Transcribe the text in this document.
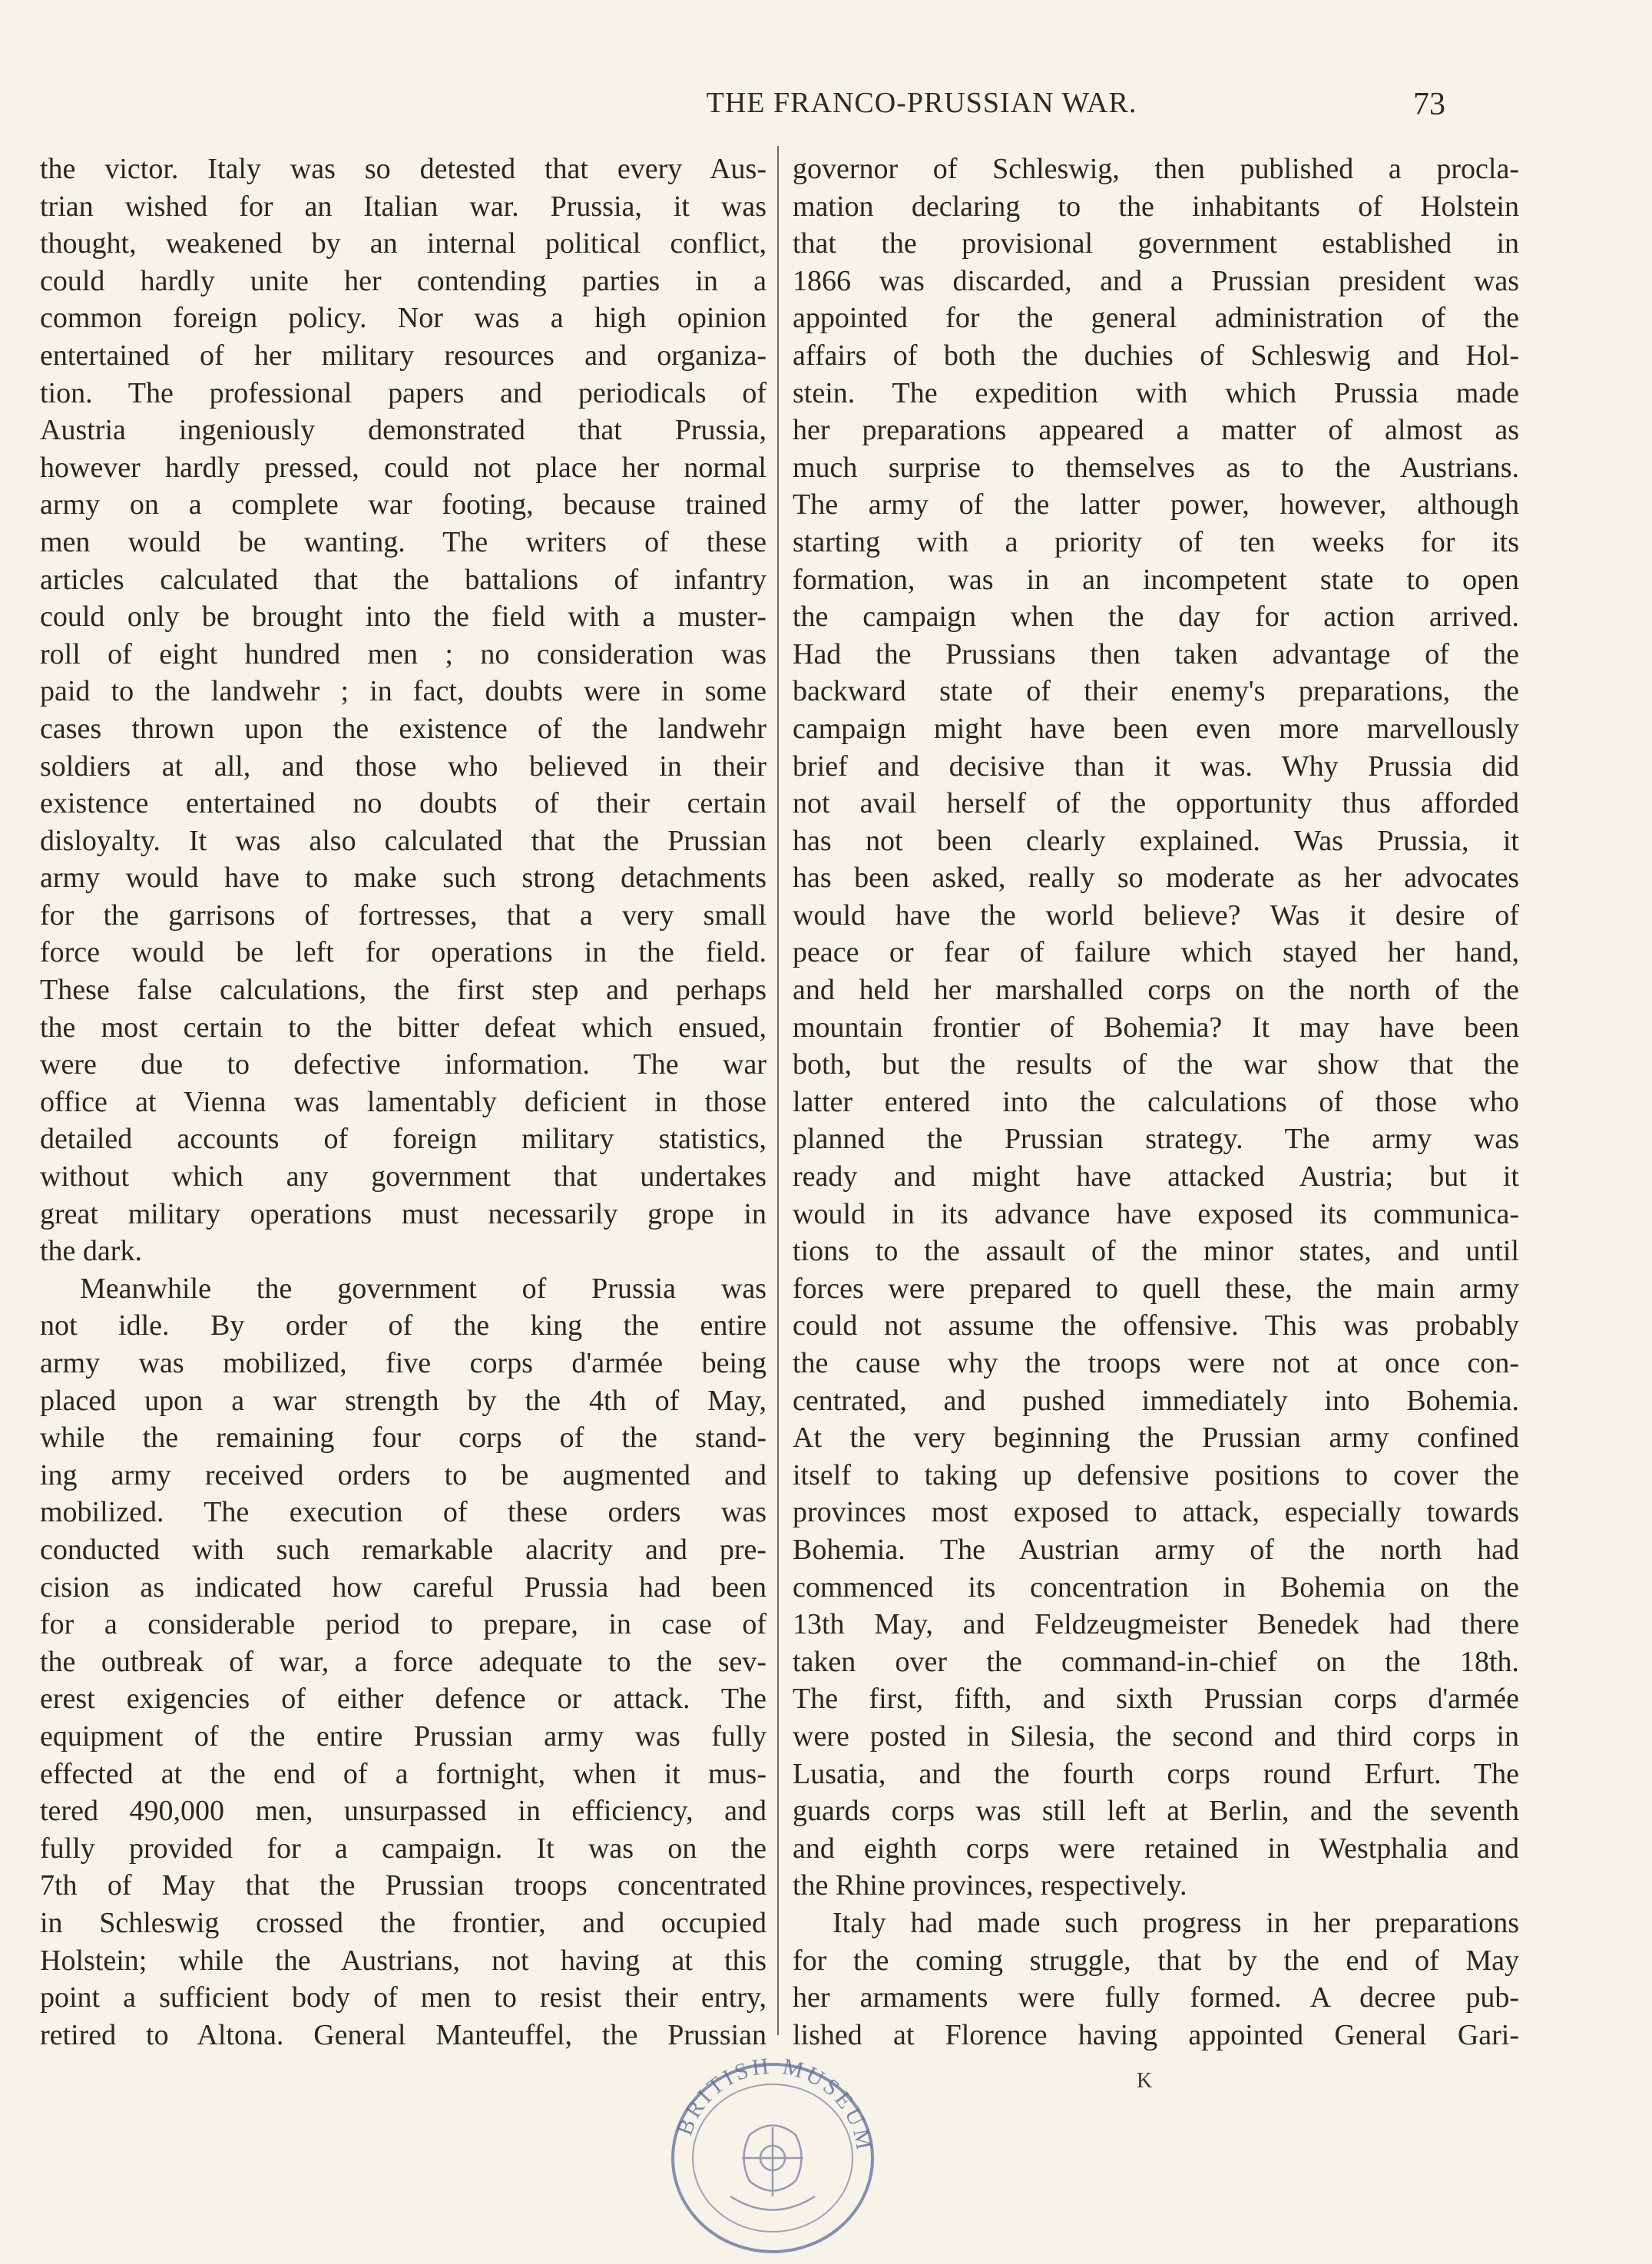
THE FRANCO-PRUSSIAN WAR.	73
the victor. Italy was so detested that every Aus-
trian wished for an Italian war. Prussia, it was
thought, weakened by an internal political conflict,
could hardly unite her contending parties in a
common foreign policy. Nor was a high opinion
entertained of her military resources and organiza-
tion. The professional papers and periodicals of
Austria ingeniously demonstrated that Prussia,
however hardly pressed, could not place her normal
army on a complete war footing, because trained
men would be wanting. The writers of these
articles calculated that the battalions of infantry
could only be brought into the field with a muster-
roll of eight hundred men ; no consideration was
paid to the landwehr ; in fact, doubts were in some
cases thrown upon the existence of the landwehr
soldiers at all, and those who believed in their
existence entertained no doubts of their certain
disloyalty. It was also calculated that the Prussian
army would have to make such strong detachments
for the garrisons of fortresses, that a very small
force would be left for operations in the field.
These false calculations, the first step and perhaps
the most certain to the bitter defeat which ensued,
were due to defective information. The war
office at Vienna was lamentably deficient in those
detailed accounts of foreign military statistics,
without which any government that undertakes
great military operations must necessarily grope in
the dark.
Meanwhile the government of Prussia was
not idle. By order of the king the entire
army was mobilized, five corps d'armée being
placed upon a war strength by the 4th of May,
while the remaining four corps of the stand-
ing army received orders to be augmented and
mobilized. The execution of these orders was
conducted with such remarkable alacrity and pre-
cision as indicated how careful Prussia had been
for a considerable period to prepare, in case of
the outbreak of war, a force adequate to the sev-
erest exigencies of either defence or attack. The
equipment of the entire Prussian army was fully
effected at the end of a fortnight, when it mus-
tered 490,000 men, unsurpassed in efficiency, and
fully provided for a campaign. It was on the
7th of May that the Prussian troops concentrated
in Schleswig crossed the frontier, and occupied
Holstein; while the Austrians, not having at this
point a sufficient body of men to resist their entry,
retired to Altona. General Manteuffel, the Prussian
governor of Schleswig, then published a procla-
mation declaring to the inhabitants of Holstein
that the provisional government established in
1866 was discarded, and a Prussian president was
appointed for the general administration of the
affairs of both the duchies of Schleswig and Hol-
stein. The expedition with which Prussia made
her preparations appeared a matter of almost as
much surprise to themselves as to the Austrians.
The army of the latter power, however, although
starting with a priority of ten weeks for its
formation, was in an incompetent state to open
the campaign when the day for action arrived.
Had the Prussians then taken advantage of the
backward state of their enemy's preparations, the
campaign might have been even more marvellously
brief and decisive than it was. Why Prussia did
not avail herself of the opportunity thus afforded
has not been clearly explained. Was Prussia, it
has been asked, really so moderate as her advocates
would have the world believe? Was it desire of
peace or fear of failure which stayed her hand,
and held her marshalled corps on the north of the
mountain frontier of Bohemia? It may have been
both, but the results of the war show that the
latter entered into the calculations of those who
planned the Prussian strategy. The army was
ready and might have attacked Austria; but it
would in its advance have exposed its communica-
tions to the assault of the minor states, and until
forces were prepared to quell these, the main army
could not assume the offensive. This was probably
the cause why the troops were not at once con-
centrated, and pushed immediately into Bohemia.
At the very beginning the Prussian army confined
itself to taking up defensive positions to cover the
provinces most exposed to attack, especially towards
Bohemia. The Austrian army of the north had
commenced its concentration in Bohemia on the
13th May, and Feldzeugmeister Benedek had there
taken over the command-in-chief on the 18th.
The first, fifth, and sixth Prussian corps d'armée
were posted in Silesia, the second and third corps in
Lusatia, and the fourth corps round Erfurt. The
guards corps was still left at Berlin, and the seventh
and eighth corps were retained in Westphalia and
the Rhine provinces, respectively.
Italy had made such progress in her preparations
for the coming struggle, that by the end of May
her armaments were fully formed. A decree pub-
lished at Florence having appointed General Gari-
K
BRITISH MUSEUM
